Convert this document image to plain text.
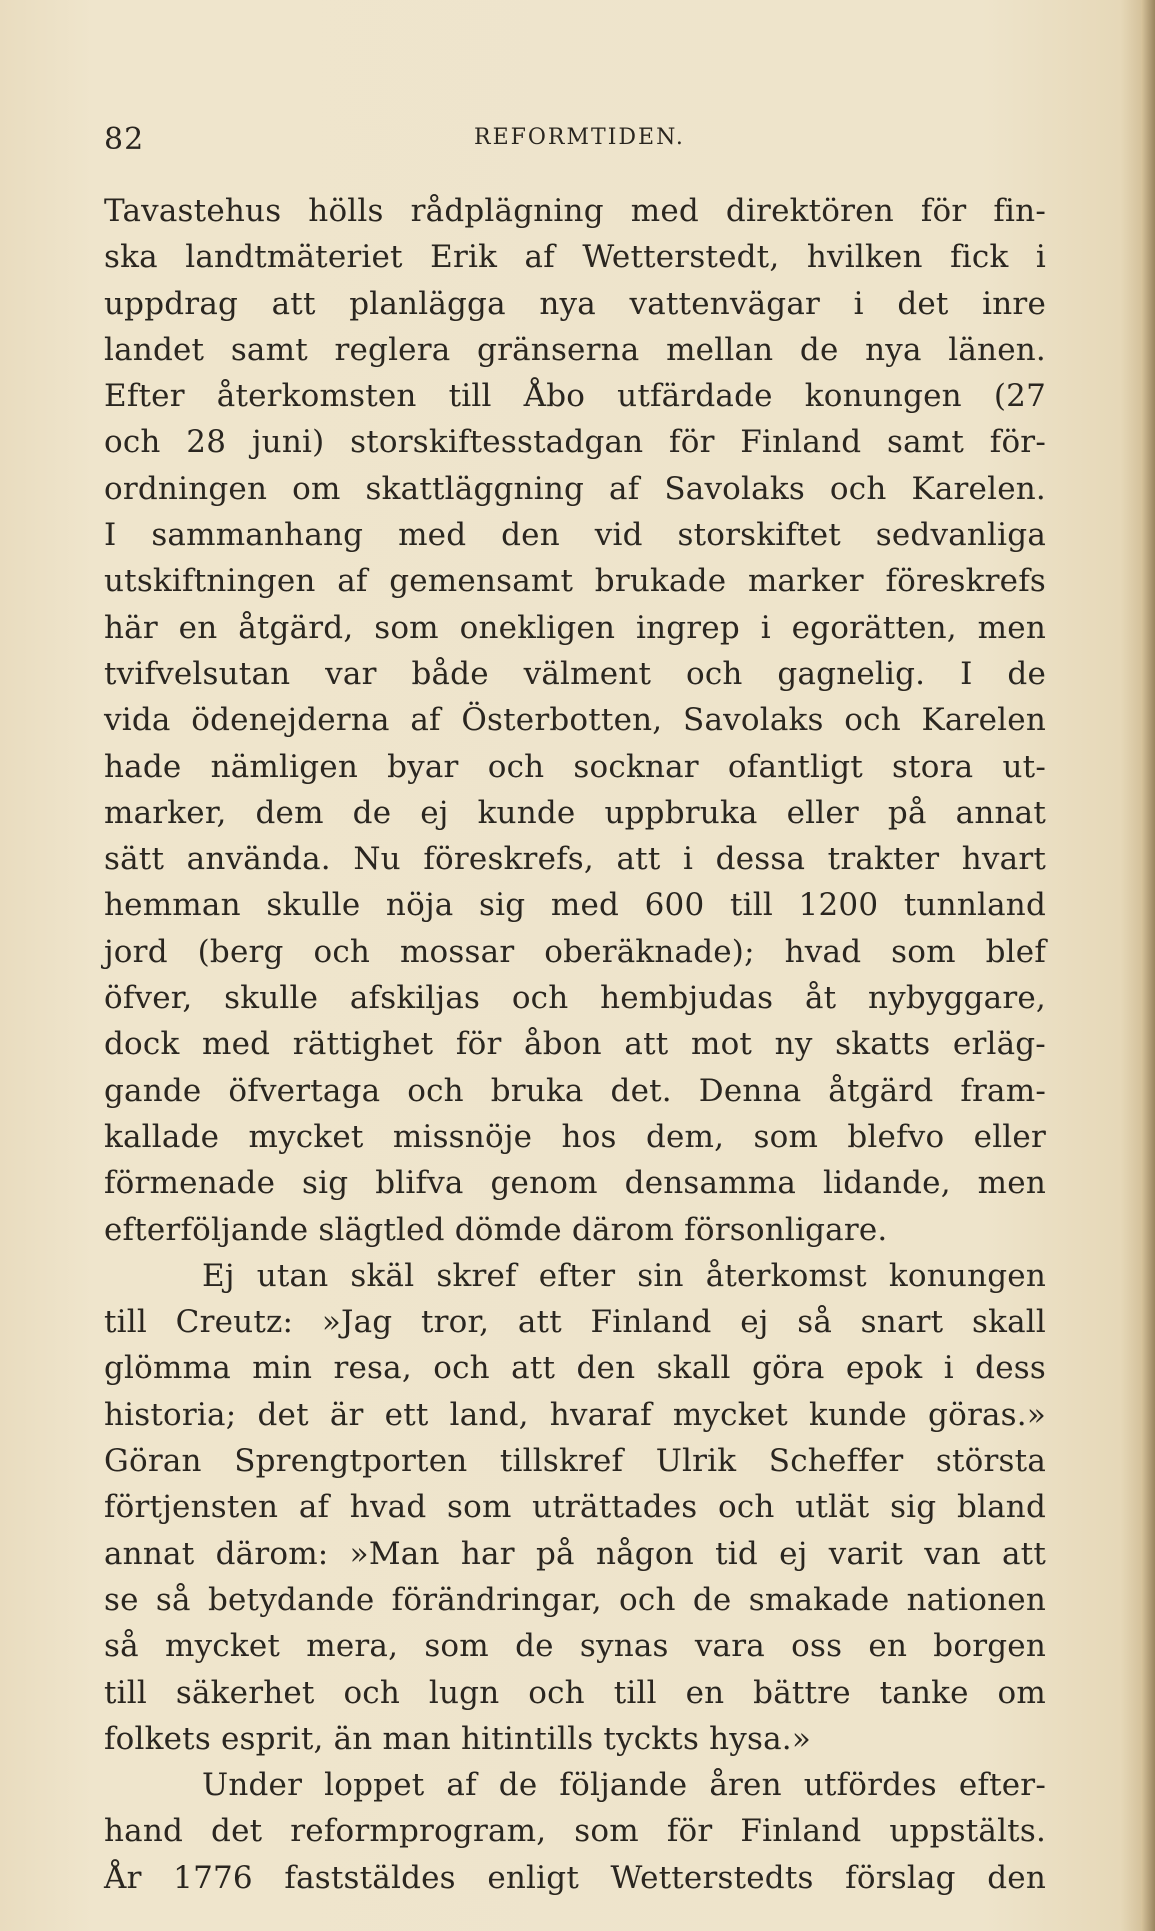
82	REFORMTIDEN.
Tavastehus hölls rådplägning med direktören för fin-
ska landtmäteriet Erik af Wetterstedt, hvilken fick i
uppdrag att planlägga nya vattenvägar i det inre
landet samt reglera gränserna mellan de nya länen.
Efter återkomsten till Åbo utfärdade konungen (27
och 28 juni) storskiftesstadgan för Finland samt för-
ordningen om skattläggning af Savolaks och Karelen.
I sammanhang med den vid storskiftet sedvanliga
utskiftningen af gemensamt brukade marker föreskrefs
här en åtgärd, som onekligen ingrep i egorätten, men
tvifvelsutan var både välment och gagnelig. I de
vida ödenejderna af Österbotten, Savolaks och Karelen
hade nämligen byar och socknar ofantligt stora ut-
marker, dem de ej kunde uppbruka eller på annat
sätt använda. Nu föreskrefs, att i dessa trakter hvart
hemman skulle nöja sig med 600 till 1200 tunnland
jord (berg och mossar oberäknade); hvad som blef
öfver, skulle afskiljas och hembjudas åt nybyggare,
dock med rättighet för åbon att mot ny skatts erläg-
gande öfvertaga och bruka det. Denna åtgärd fram-
kallade mycket missnöje hos dem, som blefvo eller
förmenade sig blifva genom densamma lidande, men
efterföljande slägtled dömde därom försonligare.
Ej utan skäl skref efter sin återkomst konungen
till Creutz: »Jag tror, att Finland ej så snart skall
glömma min resa, och att den skall göra epok i dess
historia; det är ett land, hvaraf mycket kunde göras.»
Göran Sprengtporten tillskref Ulrik Scheffer största
förtjensten af hvad som uträttades och utlät sig bland
annat därom: »Man har på någon tid ej varit van att
se så betydande förändringar, och de smakade nationen
så mycket mera, som de synas vara oss en borgen
till säkerhet och lugn och till en bättre tanke om
folkets esprit, än man hitintills tyckts hysa.»
Under loppet af de följande åren utfördes efter-
hand det reformprogram, som för Finland uppstälts.
År 1776 faststäldes enligt Wetterstedts förslag den
